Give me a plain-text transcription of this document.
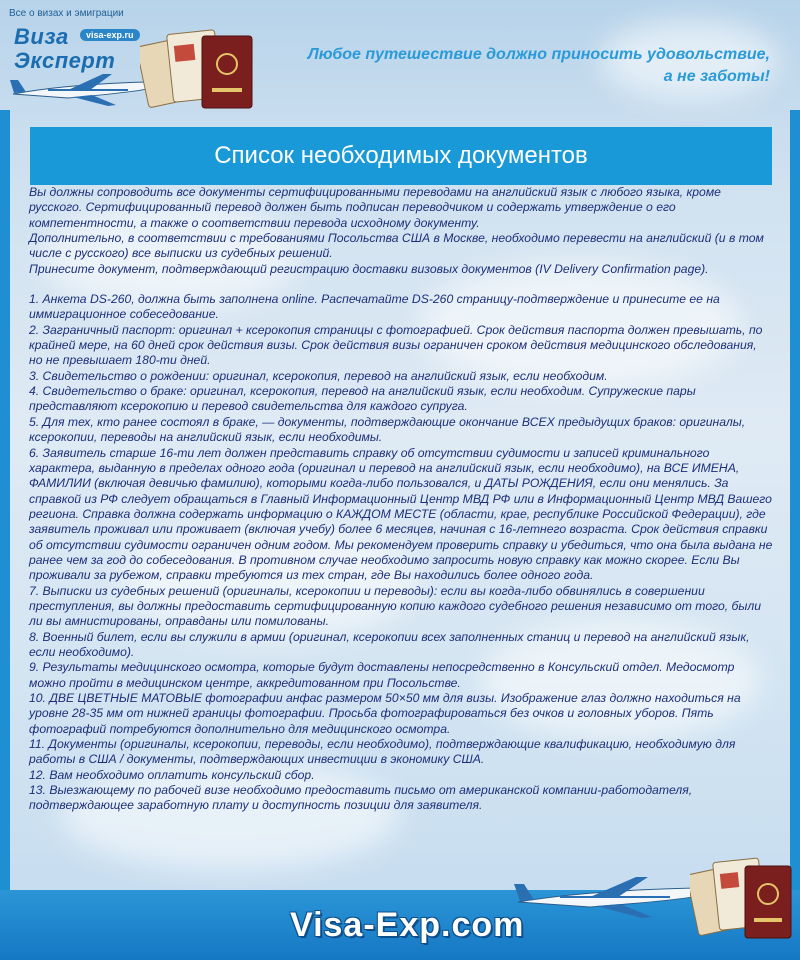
Все о визах и эмиграции
Виза
Эксперт
visa-exp.ru
Любое путешествие должно приносить удовольствие,
а не заботы!
Список необходимых документов

Вы должны сопроводить все документы сертифицированными переводами на английский язык с любого языка, кроме русского. Сертифицированный перевод должен быть подписан переводчиком и содержать утверждение о его компетентности, а также о соответствии перевода исходному документу.

Дополнительно, в соответствии с требованиями Посольства США в Москве, необходимо перевести на английский (и в том числе с русского) все выписки из судебных решений.

Принесите документ, подтверждающий регистрацию доставки визовых документов (IV Delivery Confirmation page).

1. Анкета DS-260, должна быть заполнена online. Распечатайте DS-260 страницу-подтверждение и принесите ее на иммиграционное собеседование.

2. Заграничный паспорт: оригинал + ксерокопия страницы с фотографией. Срок действия паспорта должен превышать, по крайней мере, на 60 дней срок действия визы. Срок действия визы ограничен сроком действия медицинского обследования, но не превышает 180-ти дней.

3. Свидетельство о рождении: оригинал, ксерокопия, перевод на английский язык, если необходим.

4. Свидетельство о браке: оригинал, ксерокопия, перевод на английский язык, если необходим. Супружеские пары представляют ксерокопию и перевод свидетельства для каждого супруга.

5. Для тех, кто ранее состоял в браке, — документы, подтверждающие окончание ВСЕХ предыдущих браков: оригиналы, ксерокопии, переводы на английский язык, если необходимы.

6. Заявитель старше 16-ти лет должен представить справку об отсутствии судимости и записей криминального характера, выданную в пределах одного года (оригинал и перевод на английский язык, если необходимо), на ВСЕ ИМЕНА, ФАМИЛИИ (включая девичью фамилию), которыми когда-либо пользовался, и ДАТЫ РОЖДЕНИЯ, если они менялись. За справкой из РФ следует обращаться в Главный Информационный Центр МВД РФ или в Информационный Центр МВД Вашего региона. Справка должна содержать информацию о КАЖДОМ МЕСТЕ (области, крае, республике Российской Федерации), где заявитель проживал или проживает (включая учебу) более 6 месяцев, начиная с 16-летнего возраста. Срок действия справки об отсутствии судимости ограничен одним годом. Мы рекомендуем проверить справку и убедиться, что она была выдана не ранее чем за год до собеседования. В противном случае необходимо запросить новую справку как можно скорее. Если Вы проживали за рубежом, справки требуются из тех стран, где Вы находились более одного года.

7. Выписки из судебных решений (оригиналы, ксерокопии и переводы): если вы когда-либо обвинялись в совершении преступления, вы должны предоставить сертифицированную копию каждого судебного решения независимо от того, были ли вы амнистированы, оправданы или помилованы.

8. Военный билет, если вы служили в армии (оригинал, ксерокопии всех заполненных станиц и перевод на английский язык, если необходимо).

9. Результаты медицинского осмотра, которые будут доставлены непосредственно в Консульский отдел. Медосмотр можно пройти в медицинском центре, аккредитованном при Посольстве.

10. ДВЕ ЦВЕТНЫЕ МАТОВЫЕ фотографии анфас размером 50×50 мм для визы. Изображение глаз должно находиться на уровне 28-35 мм от нижней границы фотографии. Просьба фотографироваться без очков и головных уборов. Пять фотографий потребуются дополнительно для медицинского осмотра.

11. Документы (оригиналы, ксерокопии, переводы, если необходимо), подтверждающие квалификацию, необходимую для работы в США / документы, подтверждающих инвестиции в экономику США.

12. Вам необходимо оплатить консульский сбор.

13. Выезжающему по рабочей визе необходимо предоставить письмо от американской компании-работодателя, подтверждающее заработную плату и доступность позиции для заявителя.

Visa-Exp.com
